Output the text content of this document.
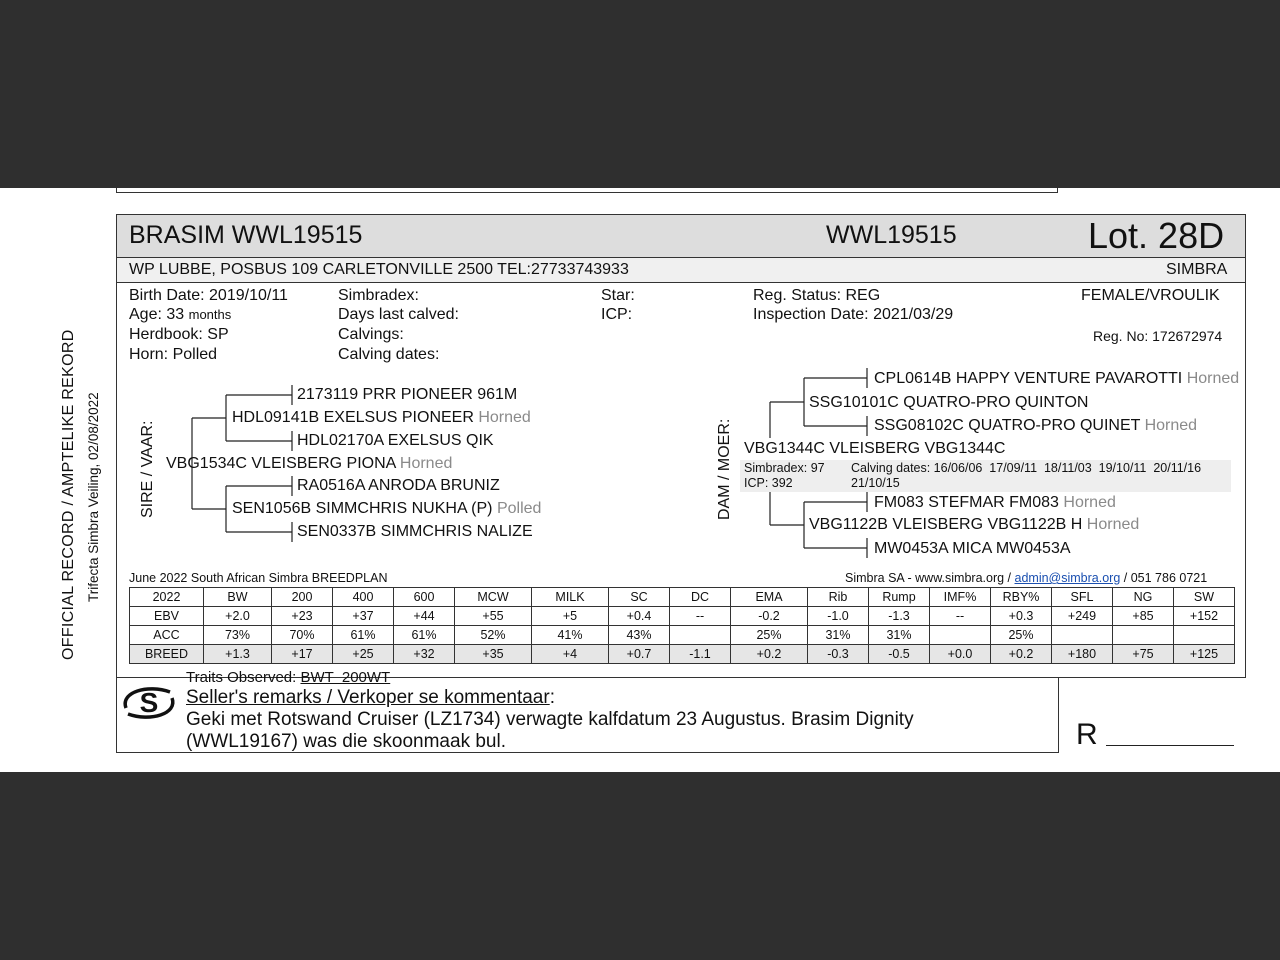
OFFICIAL RECORD / AMPTELIKE REKORD Trifecta Simbra Veiling, 02/08/2022
BRASIM WWL19515	WWL19515	Lot. 28D
WP LUBBE, POSBUS 109 CARLETONVILLE 2500 TEL:27733743933	SIMBRA
Birth Date: 2019/10/11
Age: 33 months
Herdbook: SP
Horn: Polled
Simbradex:
Days last calved:
Calvings:
Calving dates:
Star:
ICP:
Reg. Status: REG
Inspection Date: 2021/03/29
FEMALE/VROULIK
Reg. No: 172672974
SIRE / VAAR:	DAM / MOER:
2173119 PRR PIONEER 961M
HDL09141B EXELSUS PIONEER Horned
HDL02170A EXELSUS QIK
VBG1534C VLEISBERG PIONA Horned
RA0516A ANRODA BRUNIZ
SEN1056B SIMMCHRIS NUKHA (P) Polled
SEN0337B SIMMCHRIS NALIZE
CPL0614B HAPPY VENTURE PAVAROTTI Horned
SSG10101C QUATRO-PRO QUINTON
SSG08102C QUATRO-PRO QUINET Horned
VBG1344C VLEISBERG VBG1344C
Simbradex: 97
ICP: 392
Calving dates: 16/06/06  17/09/11  18/11/03  19/10/11  20/11/16
21/10/15
FM083 STEFMAR FM083 Horned
VBG1122B VLEISBERG VBG1122B H Horned
MW0453A MICA MW0453A
June 2022 South African Simbra BREEDPLAN	Simbra SA - www.simbra.org / admin@simbra.org / 051 786 0721
2022	BW	200	400	600	MCW	MILK	SC	DC	EMA	Rib	Rump	IMF%	RBY%	SFL	NG	SW
EBV	+2.0	+23	+37	+44	+55	+5	+0.4	--	-0.2	-1.0	-1.3	--	+0.3	+249	+85	+152
ACC	73%	70%	61%	61%	52%	41%	43%		25%	31%	31%		25%			
BREED	+1.3	+17	+25	+32	+35	+4	+0.7	-1.1	+0.2	-0.3	-0.5	+0.0	+0.2	+180	+75	+125
S
Traits Observed: BWT  200WT
Seller's remarks / Verkoper se kommentaar:
Geki met Rotswand Cruiser (LZ1734) verwagte kalfdatum 23 Augustus. Brasim Dignity
(WWL19167) was die skoonmaak bul.	R
